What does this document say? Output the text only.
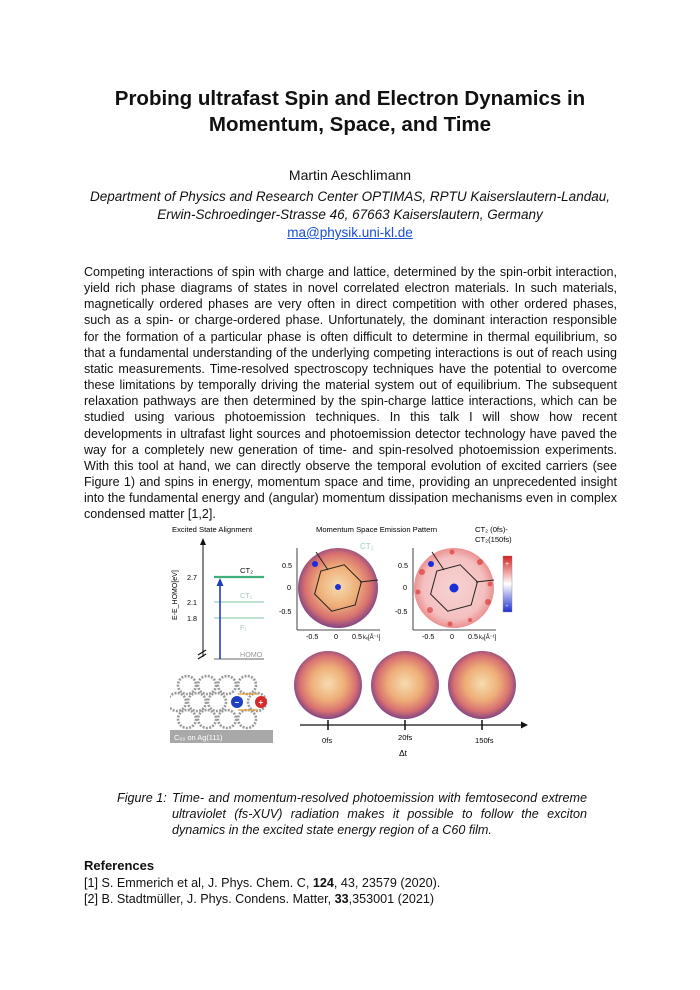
Probing ultrafast Spin and Electron Dynamics in Momentum, Space, and Time
Martin Aeschlimann
Department of Physics and Research Center OPTIMAS, RPTU Kaiserslautern-Landau, Erwin-Schroedinger-Strasse 46, 67663 Kaiserslautern, Germany
ma@physik.uni-kl.de

Competing interactions of spin with charge and lattice, determined by the spin-orbit interaction, yield rich phase diagrams of states in novel correlated electron materials. In such materials, magnetically ordered phases are very often in direct competition with other ordered phases, such as a spin- or charge-ordered phase. Unfortunately, the dominant interaction responsible for the formation of a particular phase is often difficult to determine in thermal equilibrium, so that a fundamental understanding of the underlying competing interactions is out of reach using static measurements. Time-resolved spectroscopy techniques have the potential to overcome these limitations by temporally driving the material system out of equilibrium. The subsequent relaxation pathways are then determined by the spin-charge lattice interactions, which can be studied using various photoemission techniques. In this talk I will show how recent developments in ultrafast light sources and photoemission detector technology have paved the way for a completely new generation of time- and spin-resolved photoemission experiments. With this tool at hand, we can directly observe the temporal evolution of excited carriers (see Figure 1) and spins in energy, momentum space and time, providing an unprecedented insight into the fundamental energy and (angular) momentum dissipation mechanisms even in complex condensed matter [1,2].

Excited State Alignment
E-E_HOMO[eV] 2.7
2.1
1.8
CT₂
CT₁
F₁
HOMO
− +
C₆₀ on Ag(111)
Momentum Space Emission Pattern
CT₂
0.5
0
-0.5
-0.5 0 0.5 kₓ[Å⁻¹]
CT₂ (0fs)-
CT₂(150fs)
+
-
0.5
0
-0.5
-0.5 0 0.5 kₓ[Å⁻¹]
0fs	20fs	150fs
Δt
Figure 1: Time- and momentum-resolved photoemission with femtosecond extreme ultraviolet (fs-XUV) radiation makes it possible to follow the exciton dynamics in the excited state energy region of a C60 film.
References
[1] S. Emmerich et al, J. Phys. Chem. C, 124, 43, 23579 (2020).
[2] B. Stadtmüller, J. Phys. Condens. Matter, 33,353001 (2021)
